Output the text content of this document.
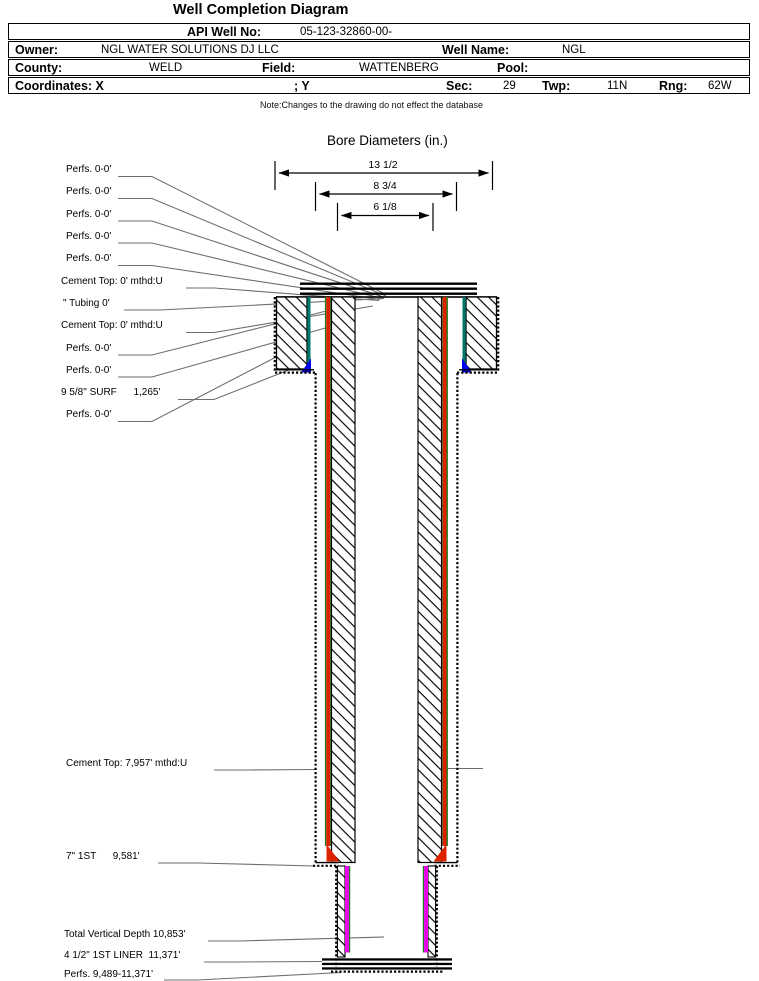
Well Completion Diagram
API Well No:	05-123-32860-00-
Owner:	NGL WATER SOLUTIONS DJ LLC	Well Name:	NGL
County:	WELD	Field:	WATTENBERG	Pool:
Coordinates: X	; Y	Sec:	29 Twp:	11N	Rng: 62W
Note:Changes to the drawing do not effect the database
Bore Diameters (in.)
13 1/2
8 3/4
6 1/8
Perfs. 0-0'
Perfs. 0-0'
Perfs. 0-0'
Perfs. 0-0'
Perfs. 0-0'
Cement Top: 0' mthd:U
" Tubing 0'
Cement Top: 0' mthd:U
Perfs. 0-0'
Perfs. 0-0'
9 5/8" SURF      1,265'
Perfs. 0-0'
Cement Top: 7,957' mthd:U
7" 1ST      9,581'
Total Vertical Depth 10,853'
4 1/2" 1ST LINER  11,371'
Perfs. 9,489-11,371'
